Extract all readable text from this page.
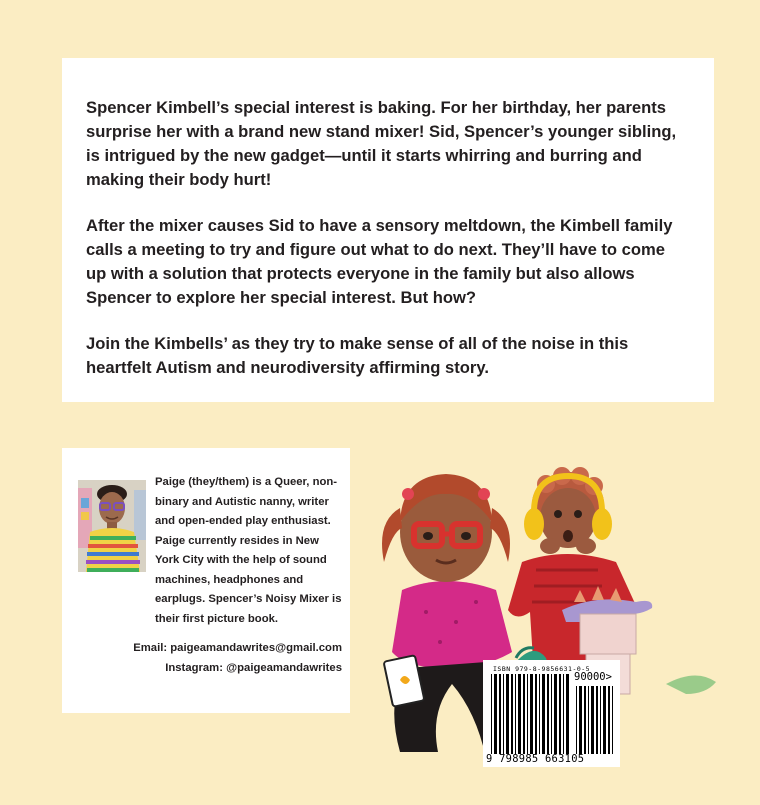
Spencer Kimbell’s special interest is baking. For her birthday, her parents surprise her with a brand new stand mixer! Sid, Spencer’s younger sibling, is intrigued by the new gadget—until it starts whirring and burring and making their body hurt!

After the mixer causes Sid to have a sensory meltdown, the Kimbell family calls a meeting to try and figure out what to do next. They’ll have to come up with a solution that protects everyone in the family but also allows Spencer to explore her special interest. But how?

Join the Kimbells’ as they try to make sense of all of the noise in this heartfelt Autism and neurodiversity affirming story.

Paige (they/them) is a Queer, non-binary and Autistic nanny, writer and open-ended play enthusiast. Paige currently resides in New York City with the help of sound machines, headphones and earplugs. Spencer’s Noisy Mixer is their first picture book.

Email: paigeamandawrites@gmail.com
Instagram: @paigeamandawrites	ISBN 979-8-9856631-0-5
90000>
9 798985 663105
